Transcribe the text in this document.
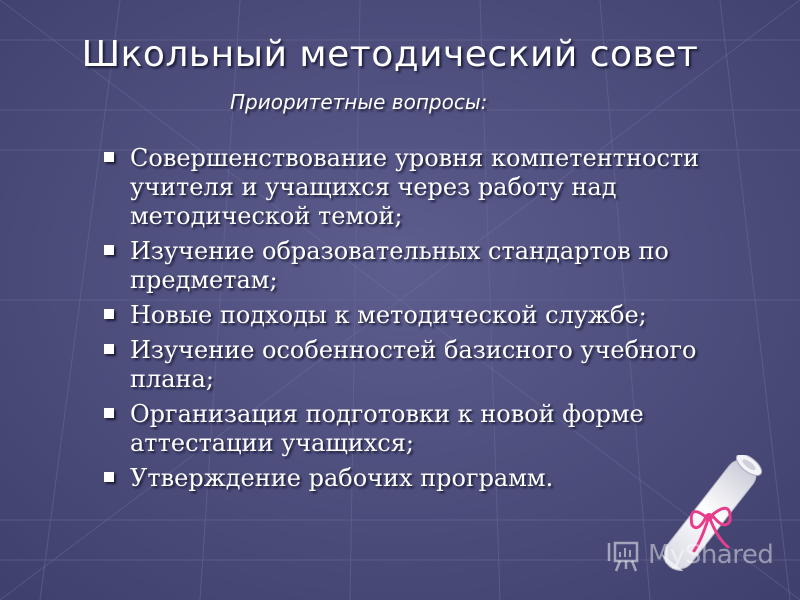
Школьный методический совет
Приоритетные вопросы:
Совершенствование уровня компетентности учителя и учащихся через работу над методической темой;
Изучение образовательных стандартов по предметам;
Новые подходы к методической службе;
Изучение особенностей базисного учебного плана;
Организация подготовки к новой форме аттестации учащихся;
Утверждение рабочих программ.
MyShared
